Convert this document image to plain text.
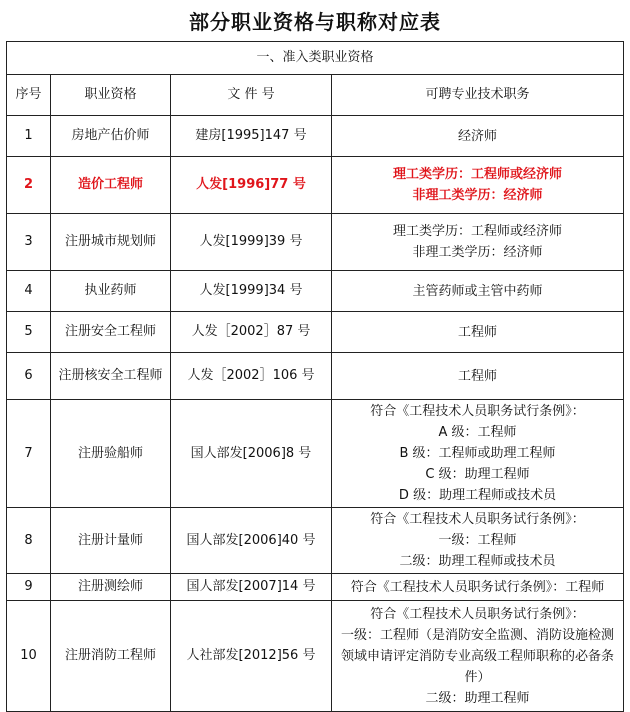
部分职业资格与职称对应表
一、准入类职业资格			
序号	职业资格	文 件 号	可聘专业技术职务
1	房地产估价师	建房[1995]147 号	经济师

2	造价工程师	人发[1996]77 号	理工类学历：工程师或经济师
非理工类学历：经济师

3	注册城市规划师	人发[1999]39 号	理工类学历：工程师或经济师
非理工类学历：经济师

4	执业药师	人发[1999]34 号	主管药师或主管中药师

5	注册安全工程师	人发［2002］87 号	工程师

6	注册核安全工程师	人发［2002］106 号	工程师

7	注册验船师	国人部发[2006]8 号	符合《工程技术人员职务试行条例》：
A 级：工程师
B 级：工程师或助理工程师
C 级：助理工程师
D 级：助理工程师或技术员

8	注册计量师	国人部发[2006]40 号	符合《工程技术人员职务试行条例》：
一级：工程师
二级：助理工程师或技术员

9	注册测绘师	国人部发[2007]14 号	符合《工程技术人员职务试行条例》：工程师

10	注册消防工程师	人社部发[2012]56 号	符合《工程技术人员职务试行条例》：
一级：工程师（是消防安全监测、消防设施检测领域申请评定消防专业高级工程师职称的必备条件）
二级：助理工程师
